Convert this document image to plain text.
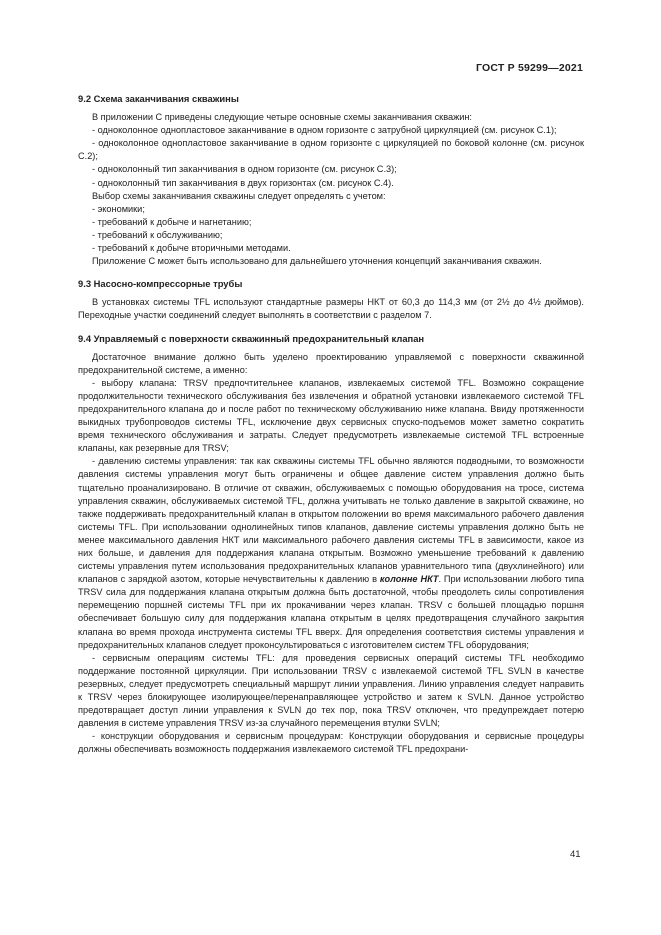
ГОСТ Р 59299—2021
9.2 Схема заканчивания скважины

В приложении С приведены следующие четыре основные схемы заканчивания скважин:

- одноколонное однопластовое заканчивание в одном горизонте с затрубной циркуляцией (см. рисунок С.1);

- одноколонное однопластовое заканчивание в одном горизонте с циркуляцией по боковой колонне (см. рисунок С.2);

- одноколонный тип заканчивания в одном горизонте (см. рисунок С.3);

- одноколонный тип заканчивания в двух горизонтах (см. рисунок С.4).

Выбор схемы заканчивания скважины следует определять с учетом:

- экономики;

- требований к добыче и нагнетанию;

- требований к обслуживанию;

- требований к добыче вторичными методами.

Приложение С может быть использовано для дальнейшего уточнения концепций заканчивания скважин.

9.3 Насосно-компрессорные трубы

В установках системы TFL используют стандартные размеры НКТ от 60,3 до 114,3 мм (от 2½ до 4½ дюймов). Переходные участки соединений следует выполнять в соответствии с разделом 7.

9.4 Управляемый с поверхности скважинный предохранительный клапан

Достаточное внимание должно быть уделено проектированию управляемой с поверхности скважинной предохранительной системе, а именно:

- выбору клапана: TRSV предпочтительнее клапанов, извлекаемых системой TFL. Возможно сокращение продолжительности технического обслуживания без извлечения и обратной установки извлекаемого системой TFL предохранительного клапана до и после работ по техническому обслуживанию ниже клапана. Ввиду протяженности выкидных трубопроводов системы TFL, исключение двух сервисных спуско-подъемов может заметно сократить время технического обслуживания и затраты. Следует предусмотреть извлекаемые системой TFL встроенные клапаны, как резервные для TRSV;

- давлению системы управления: так как скважины системы TFL обычно являются подводными, то возможности давления системы управления могут быть ограничены и общее давление систем управления должно быть тщательно проанализировано. В отличие от скважин, обслуживаемых с помощью оборудования на тросе, система управления скважин, обслуживаемых системой TFL, должна учитывать не только давление в закрытой скважине, но также поддерживать предохранительный клапан в открытом положении во время максимального рабочего давления системы TFL. При использовании однолинейных типов клапанов, давление системы управления должно быть не менее максимального давления НКТ или максимального рабочего давления системы TFL в зависимости, какое из них больше, и давления для поддержания клапана открытым. Возможно уменьшение требований к давлению системы управления путем использования предохранительных клапанов уравнительного типа (двухлинейного) или клапанов с зарядкой азотом, которые нечувствительны к давлению в колонне НКТ. При использовании любого типа TRSV сила для поддержания клапана открытым должна быть достаточной, чтобы преодолеть силы сопротивления перемещению поршней системы TFL при их прокачивании через клапан. TRSV с большей площадью поршня обеспечивает большую силу для поддержания клапана открытым в целях предотвращения случайного закрытия клапана во время прохода инструмента системы TFL вверх. Для определения соответствия системы управления и предохранительных клапанов следует проконсультироваться с изготовителем систем TFL оборудования;

- сервисным операциям системы TFL: для проведения сервисных операций системы TFL необходимо поддержание постоянной циркуляции. При использовании TRSV с извлекаемой системой TFL SVLN в качестве резервных, следует предусмотреть специальный маршрут линии управления. Линию управления следует направить к TRSV через блокирующее изолирующее/перенаправляющее устройство и затем к SVLN. Данное устройство предотвращает доступ линии управления к SVLN до тех пор, пока TRSV отключен, что предупреждает потерю давления в системе управления TRSV из-за случайного перемещения втулки SVLN;

- конструкции оборудования и сервисным процедурам: Конструкции оборудования и сервисные процедуры должны обеспечивать возможность поддержания извлекаемого системой TFL предохрани-

41
